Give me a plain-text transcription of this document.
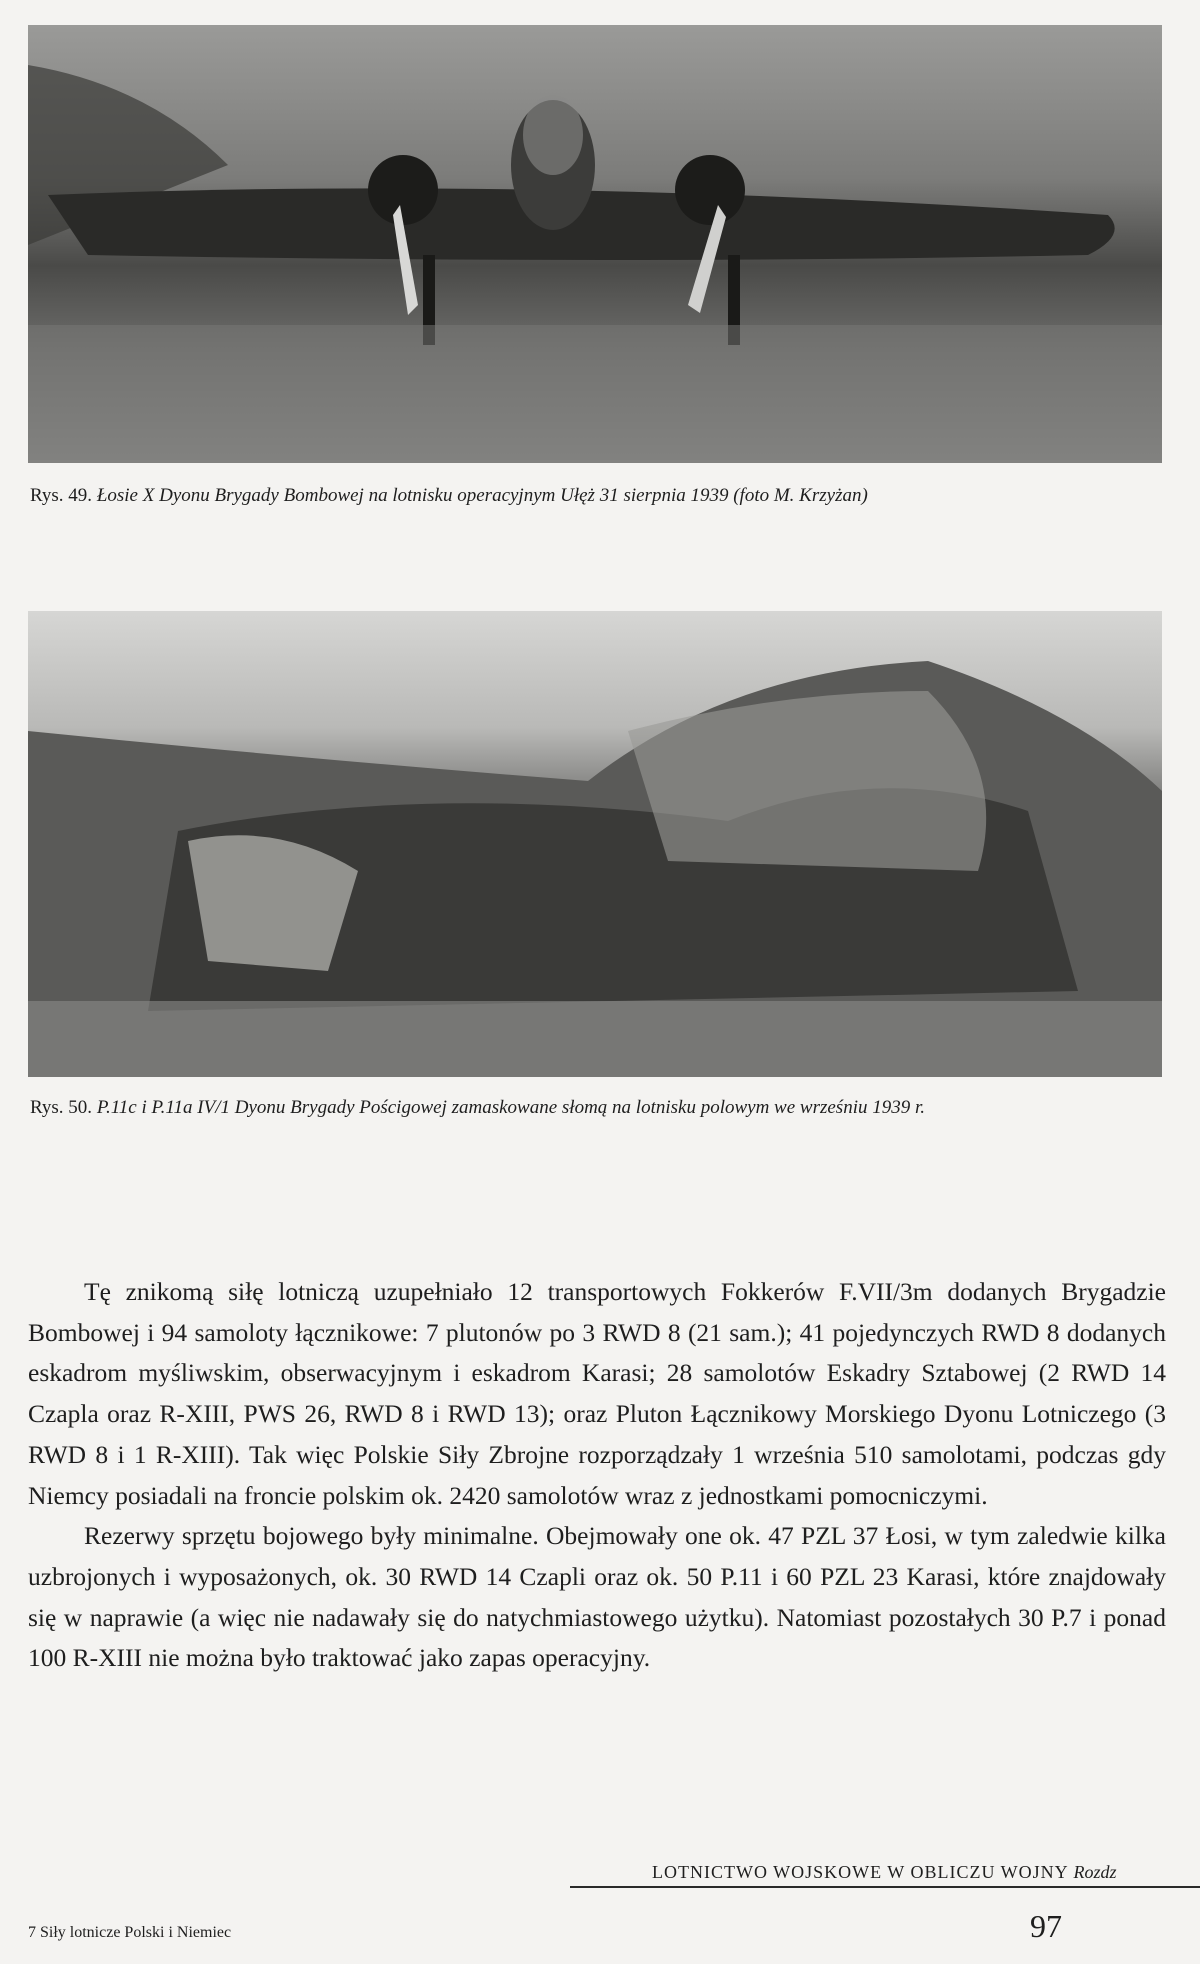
Rys. 49. Łosie X Dyonu Brygady Bombowej na lotnisku operacyjnym Ułęż 31 sierpnia 1939 (foto M. Krzyżan)
Rys. 50. P.11c i P.11a IV/1 Dyonu Brygady Pościgowej zamaskowane słomą na lotnisku polowym we wrześniu 1939 r.

Tę znikomą siłę lotniczą uzupełniało 12 transportowych Fokkerów F.VII/3m dodanych Brygadzie Bombowej i 94 samoloty łącznikowe: 7 plutonów po 3 RWD 8 (21 sam.); 41 pojedynczych RWD 8 dodanych eskadrom myśliwskim, obserwacyjnym i eskadrom Karasi; 28 samolotów Eskadry Sztabowej (2 RWD 14 Czapla oraz R-XIII, PWS 26, RWD 8 i RWD 13); oraz Pluton Łącznikowy Morskiego Dyonu Lotniczego (3 RWD 8 i 1 R-XIII). Tak więc Polskie Siły Zbrojne rozporządzały 1 września 510 samolotami, podczas gdy Niemcy posiadali na froncie polskim ok. 2420 samolotów wraz z jednostkami pomocniczymi.

Rezerwy sprzętu bojowego były minimalne. Obejmowały one ok. 47 PZL 37 Łosi, w tym zaledwie kilka uzbrojonych i wyposażonych, ok. 30 RWD 14 Czapli oraz ok. 50 P.11 i 60 PZL 23 Karasi, które znajdowały się w naprawie (a więc nie nadawały się do natychmiastowego użytku). Natomiast pozostałych 30 P.7 i ponad 100 R-XIII nie można było traktować jako zapas operacyjny.

LOTNICTWO WOJSKOWE W OBLICZU WOJNY Rozdz
7 Siły lotnicze Polski i Niemiec	97
